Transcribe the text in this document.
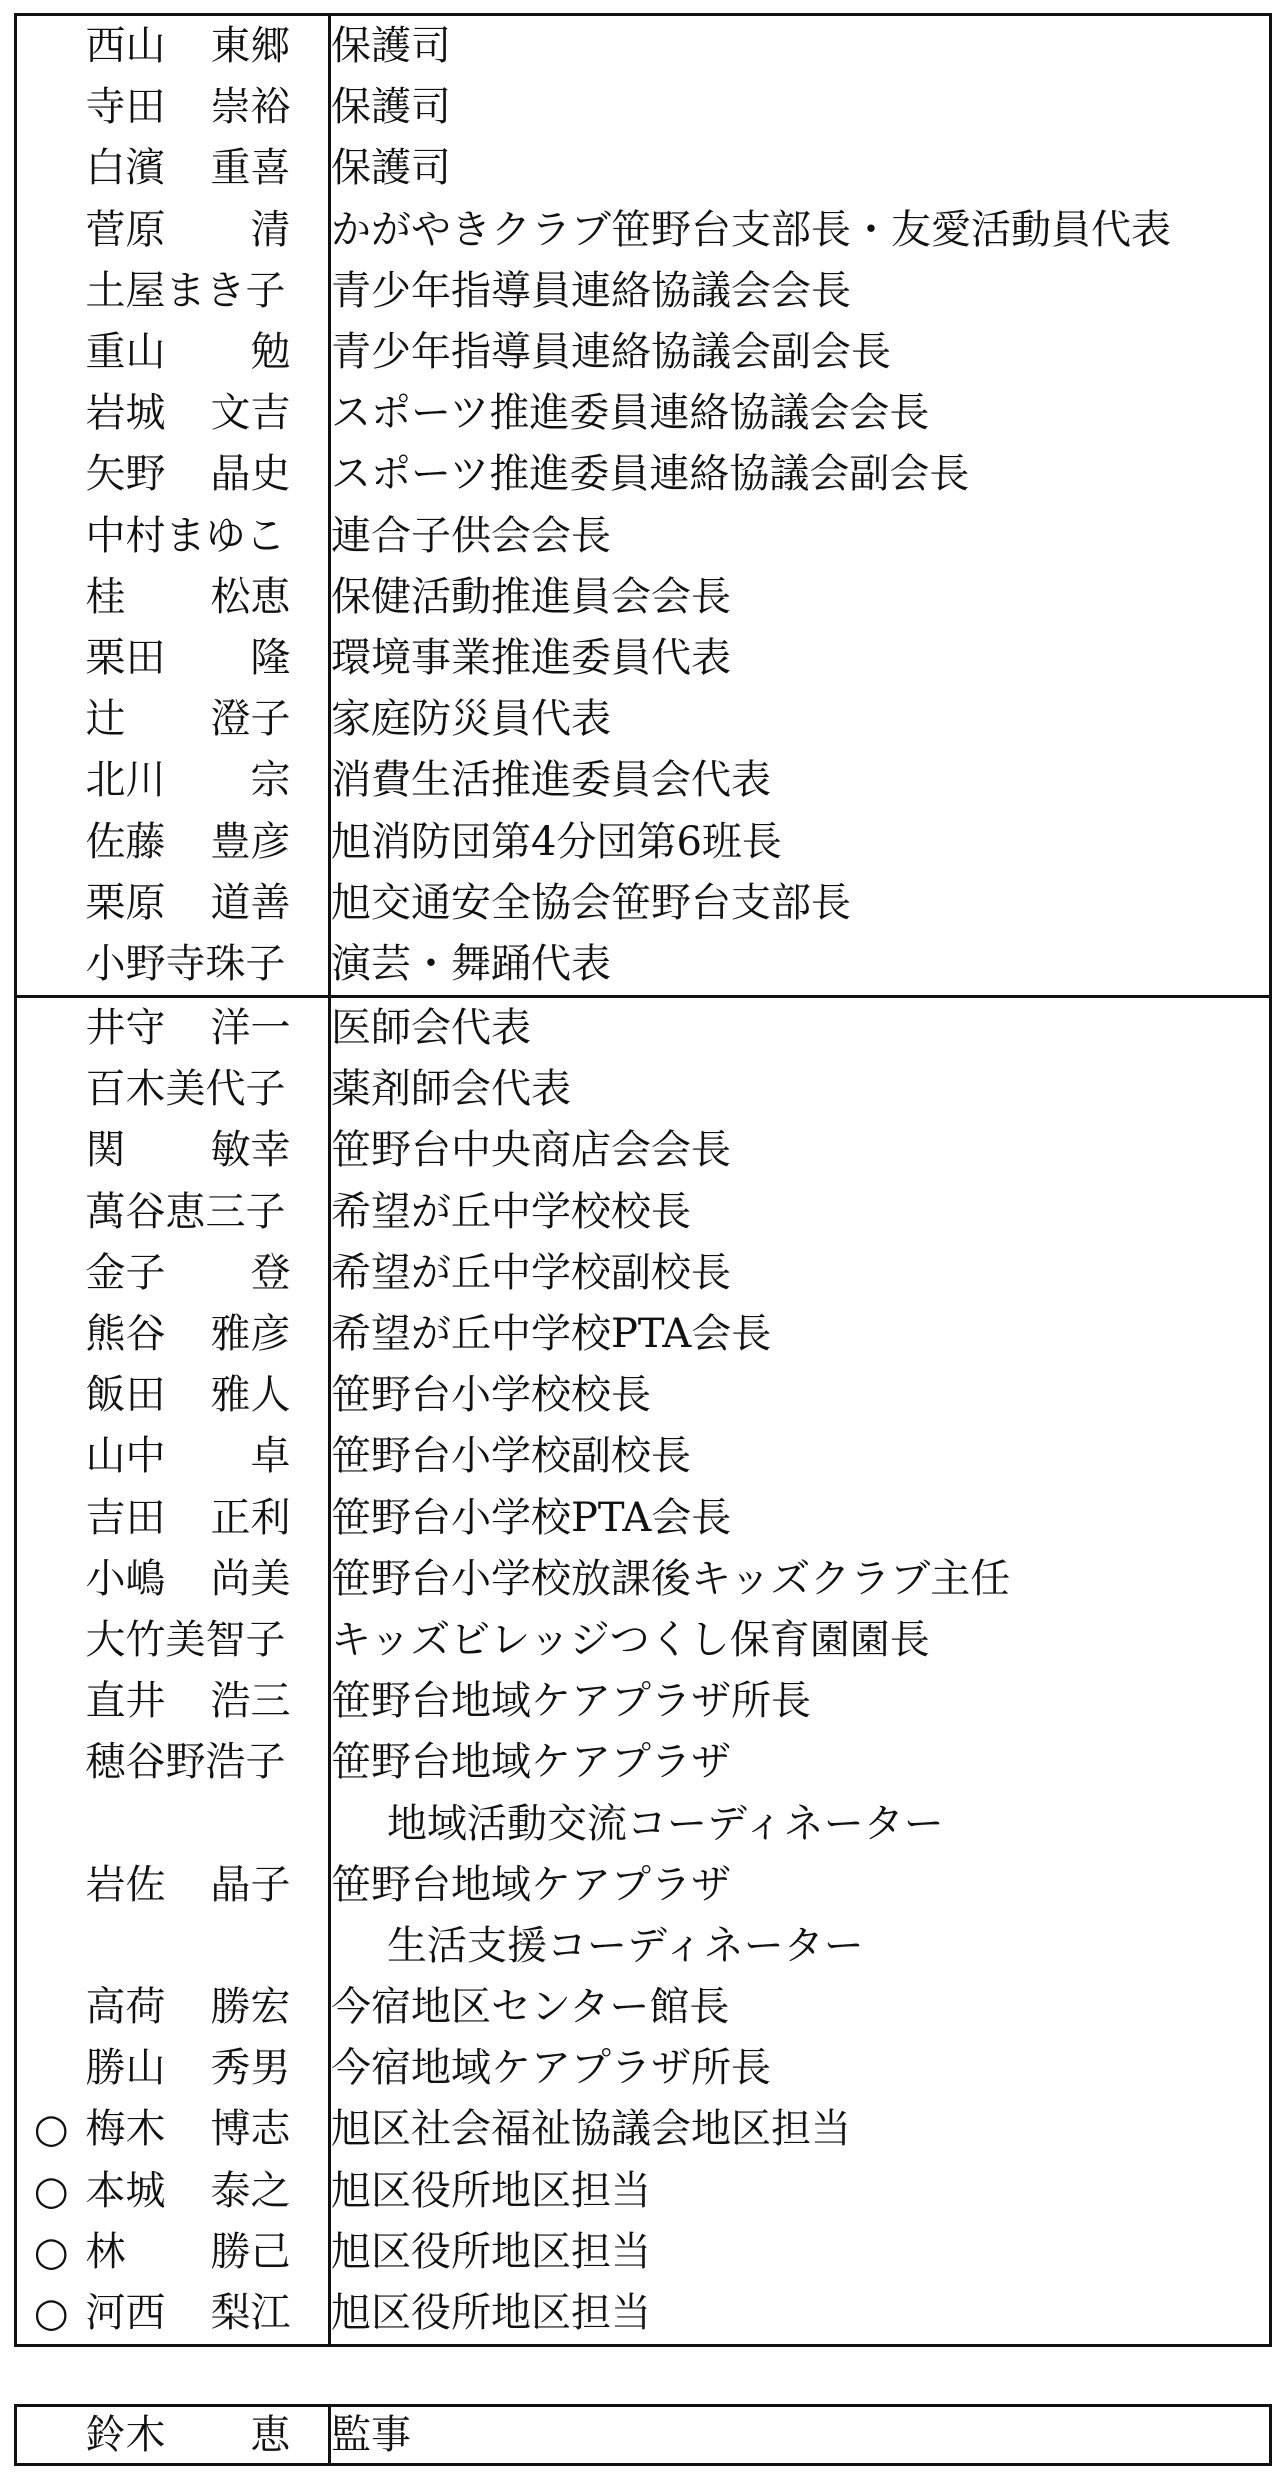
	西山 東郷	保護司

	寺田 崇裕	保護司

	白濱 重喜	保護司

	菅原 清	かがやきクラブ笹野台支部長・友愛活動員代表

	土屋まき子	青少年指導員連絡協議会会長

	重山 勉	青少年指導員連絡協議会副会長

	岩城 文吉	スポーツ推進委員連絡協議会会長

	矢野 晶史	スポーツ推進委員連絡協議会副会長

	中村まゆこ	連合子供会会長

	桂 松恵	保健活動推進員会会長

	栗田 隆	環境事業推進委員代表

	辻 澄子	家庭防災員代表

	北川 宗	消費生活推進委員会代表

	佐藤 豊彦	旭消防団第4分団第6班長

	栗原 道善	旭交通安全協会笹野台支部長

	小野寺珠子	演芸・舞踊代表

	井守 洋一	医師会代表

	百木美代子	薬剤師会代表

	関 敏幸	笹野台中央商店会会長

	萬谷恵三子	希望が丘中学校校長

	金子 登	希望が丘中学校副校長

	熊谷 雅彦	希望が丘中学校PTA会長

	飯田 雅人	笹野台小学校校長

	山中 卓	笹野台小学校副校長

	吉田 正利	笹野台小学校PTA会長

	小嶋 尚美	笹野台小学校放課後キッズクラブ主任

	大竹美智子	キッズビレッジつくし保育園園長

	直井 浩三	笹野台地域ケアプラザ所長

	穂谷野浩子	笹野台地域ケアプラザ

	地域活動交流コーディネーター

	岩佐 晶子	笹野台地域ケアプラザ

	生活支援コーディネーター

	高荷 勝宏	今宿地区センター館長

	勝山 秀男	今宿地域ケアプラザ所長
○	梅木 博志	旭区社会福祉協議会地区担当
○	本城 泰之	旭区役所地区担当
○	林 勝己	旭区役所地区担当
○	河西 梨江	旭区役所地区担当

鈴木 恵	監事
